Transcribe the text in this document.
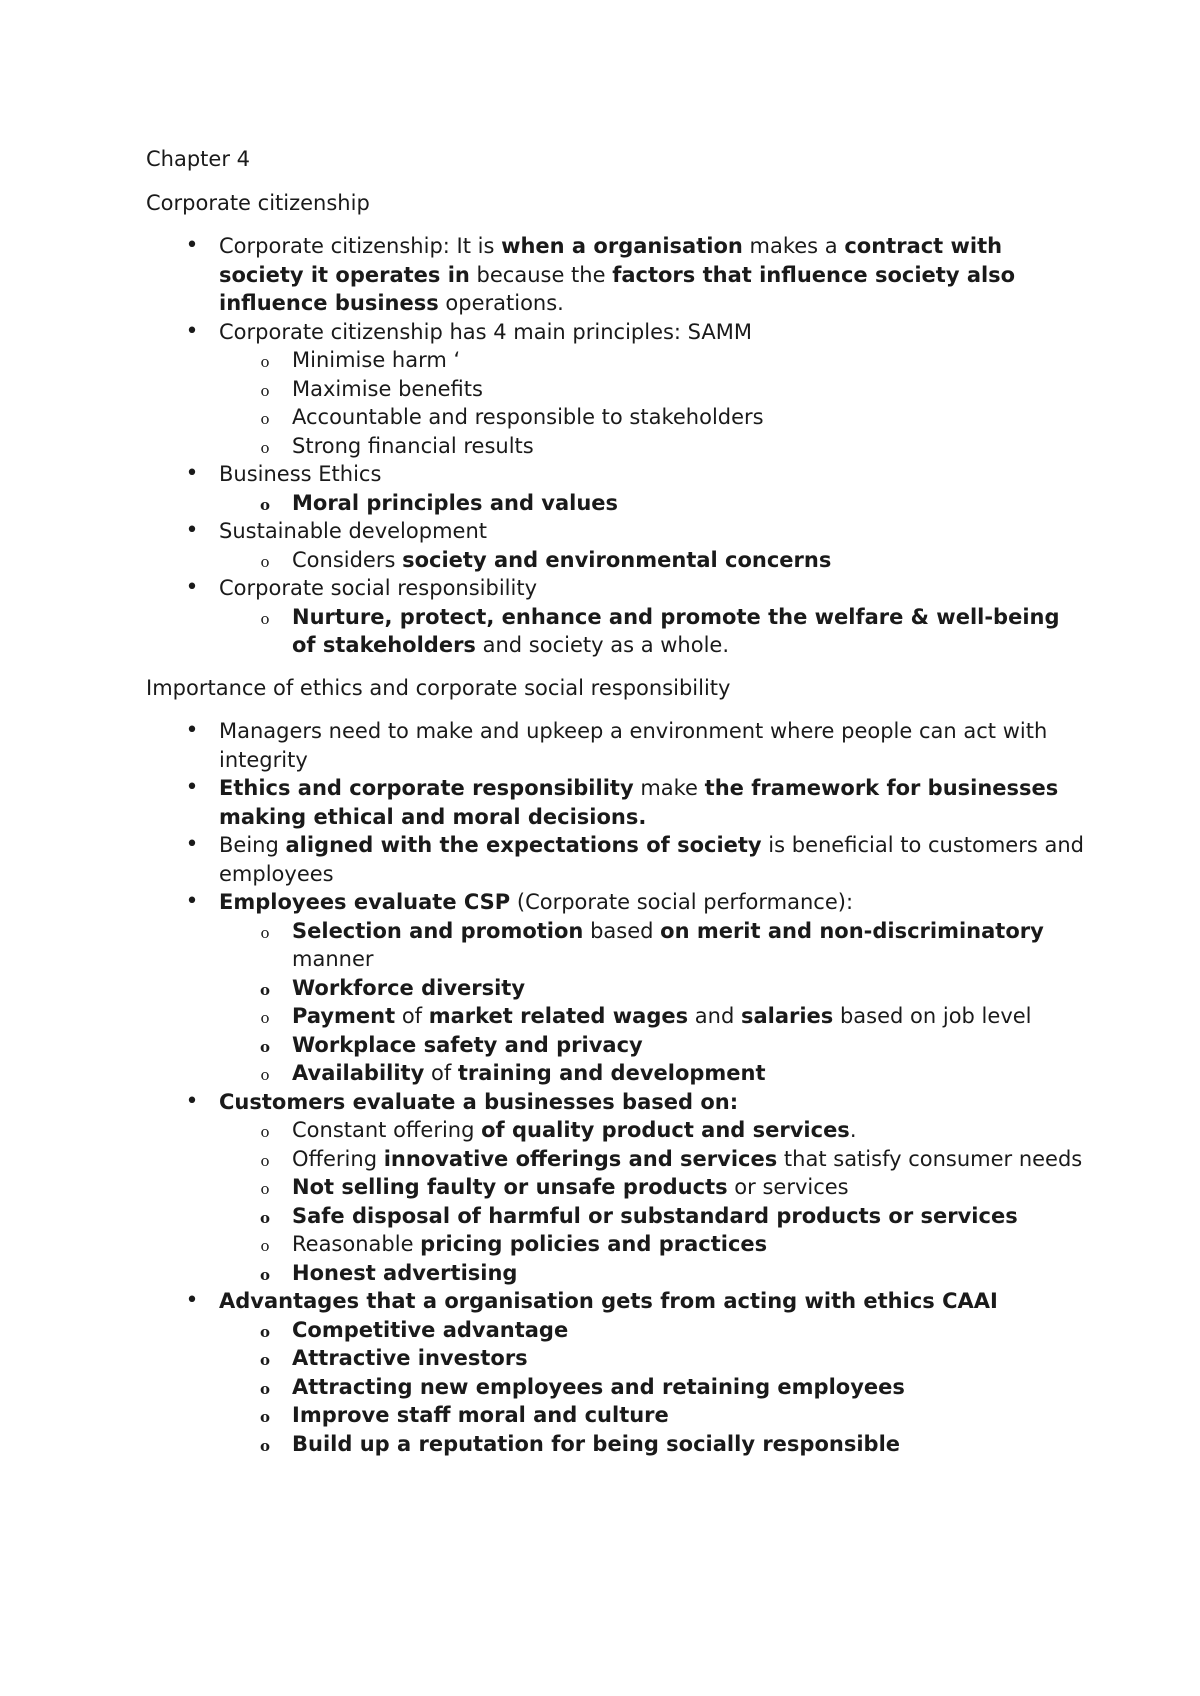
Chapter 4

Corporate citizenship

• Corporate citizenship: It is when a organisation makes a contract with society it operates in because the factors that influence society also influence business operations.
• Corporate citizenship has 4 main principles: SAMM
o Minimise harm ‘
o Maximise benefits
o Accountable and responsible to stakeholders
o Strong financial results
• Business Ethics
o Moral principles and values
• Sustainable development
o Considers society and environmental concerns
• Corporate social responsibility
o Nurture, protect, enhance and promote the welfare & well-being of stakeholders and society as a whole.

Importance of ethics and corporate social responsibility

• Managers need to make and upkeep a environment where people can act with integrity
• Ethics and corporate responsibility make the framework for businesses making ethical and moral decisions.
• Being aligned with the expectations of society is beneficial to customers and employees
• Employees evaluate CSP (Corporate social performance):
o Selection and promotion based on merit and non-discriminatory manner
o Workforce diversity
o Payment of market related wages and salaries based on job level
o Workplace safety and privacy
o Availability of training and development
• Customers evaluate a businesses based on:
o Constant offering of quality product and services.
o Offering innovative offerings and services that satisfy consumer needs
o Not selling faulty or unsafe products or services
o Safe disposal of harmful or substandard products or services
o Reasonable pricing policies and practices
o Honest advertising
• Advantages that a organisation gets from acting with ethics CAAI
o Competitive advantage
o Attractive investors
o Attracting new employees and retaining employees
o Improve staff moral and culture
o Build up a reputation for being socially responsible
